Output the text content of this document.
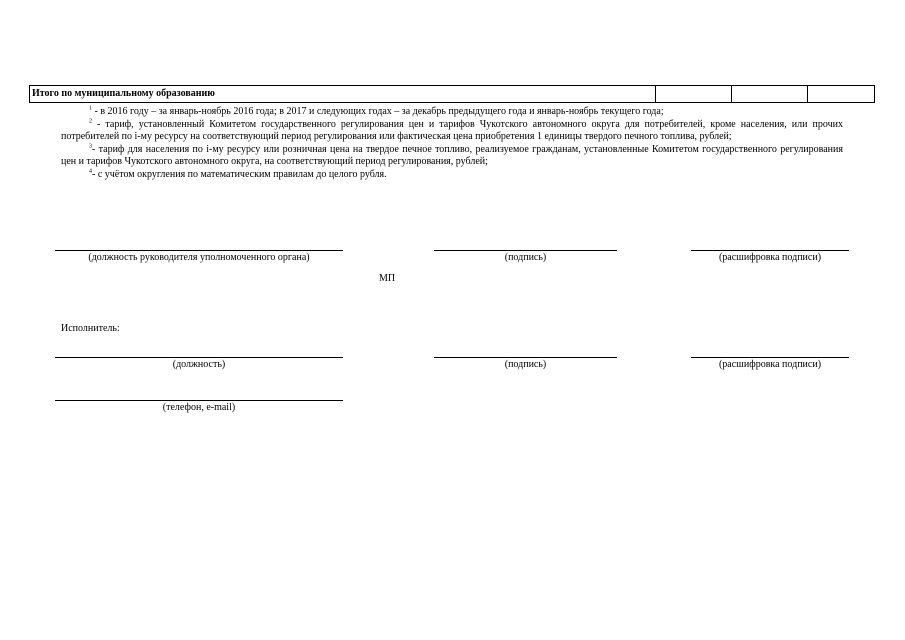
Итого по муниципальному образованию

$^1$ - в 2016 году – за январь-ноябрь 2016 года; в 2017 и следующих годах – за декабрь предыдущего года и январь-ноябрь текущего года;

$^2$ - тариф, установленный Комитетом государственного регулирования цен и тарифов Чукотского автономного округа для потребителей, кроме населения, или прочих потребителей по i-му ресурсу на соответствующий период регулирования или фактическая цена приобретения 1 единицы твердого печного топлива, рублей;

$^3$- тариф для населения по i-му ресурсу или розничная цена на твердое печное топливо, реализуемое гражданам, установленные Комитетом государственного регулирования цен и тарифов Чукотского автономного округа, на соответствующий период регулирования, рублей;

$^4$- с учётом округления по математическим правилам до целого рубля.

(должность руководителя уполномоченного органа)	(подпись)	(расшифровка подписи)
МП
Исполнитель:
(должность)	(подпись)	(расшифровка подписи)
(телефон, e-mail)
